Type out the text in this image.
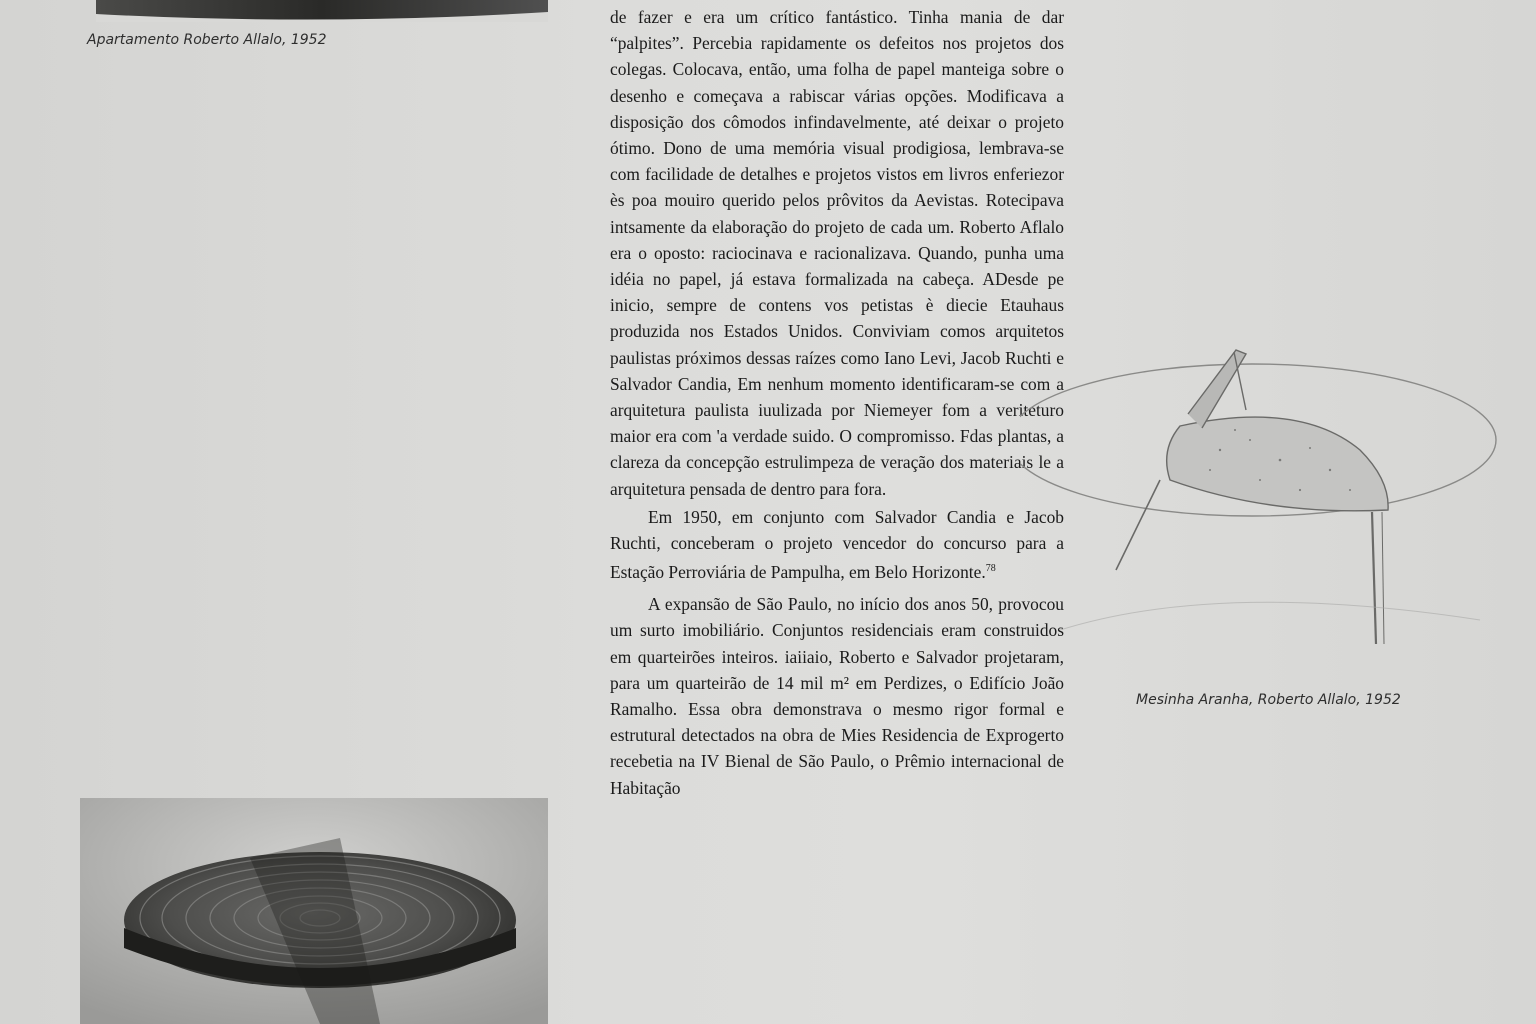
Apartamento Roberto Allalo, 1952

de fazer e era um crítico fantástico. Tinha mania de dar “palpites”. Percebia rapidamente os defeitos nos projetos dos colegas. Colocava, então, uma folha de papel manteiga sobre o desenho e começava a rabiscar várias opções. Modificava a disposição dos cômodos infindavelmente, até deixar o projeto ótimo. Dono de uma memória visual prodigiosa, lembrava-se com facilidade de detalhes e projetos vistos em livros enferiezor ès poa mouiro querido pelos prôvitos da Aevistas. Rotecipava intsamente da elaboração do projeto de cada um. Roberto Aflalo era o oposto: raciocinava e racionalizava. Quando, punha uma idéia no papel, já estava formalizada na cabeça. ADesde pe inicio, sempre de contens vos petistas è diecie Etauhaus produzida nos Estados Unidos. Conviviam comos arquitetos paulistas próximos dessas raízes como Iano Levi, Jacob Ruchti e Salvador Candia, Em nenhum momento identificaram-se com a arquitetura paulista iuulizada por Niemeyer fom a veriteturo maior era com 'a verdade suido. O compromisso. Fdas plantas, a clareza da concepção estrulimpeza de veração dos materiais le a arquitetura pensada de dentro para fora.

Em 1950, em conjunto com Salvador Candia e Jacob Ruchti, conceberam o projeto vencedor do concurso para a Estação Perroviária de Pampulha, em Belo Horizonte.$^{78}$

A expansão de São Paulo, no início dos anos 50, provocou um surto imobiliário. Conjuntos residenciais eram construidos em quarteirões inteiros. iaiiaio, Roberto e Salvador projetaram, para um quarteirão de 14 mil m² em Perdizes, o Edifício João Ramalho. Essa obra demonstrava o mesmo rigor formal e estrutural detectados na obra de Mies Residencia de Exprogerto recebetia na IV Bienal de São Paulo, o Prêmio internacional de Habitação

Mesinha Aranha, Roberto Allalo, 1952
